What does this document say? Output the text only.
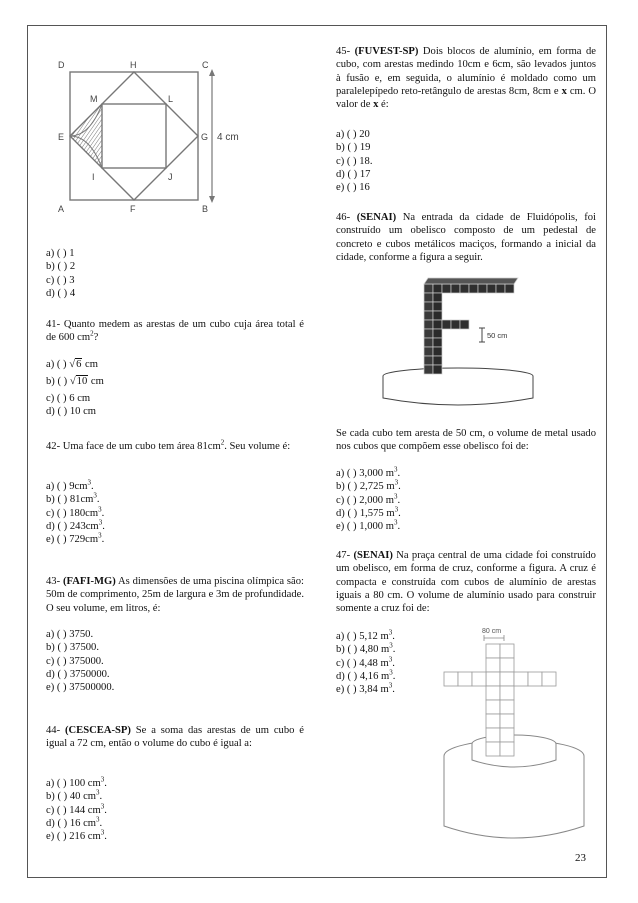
4 cm
D	H	C
M	L
E	G
I	J
A	F	B
a) ( ) 1
b) ( ) 2
c) ( ) 3
d) ( ) 4

41- Quanto medem as arestas de um cubo cuja área total é de 600 $cm^2$?

a) ( ) √6 cm
b) ( ) √10 cm
c) ( ) 6 cm
d) ( ) 10 cm

42- Uma face de um cubo tem área $81cm^2$. Seu volume é:

a) ( ) $9cm^3$.
b) ( ) $81cm^3$.
c) ( ) $180cm^3$.
d) ( ) $243cm^3$.
e) ( ) $729cm^3$.

43- (FAFI-MG) As dimensões de uma piscina olímpica são: 50m de comprimento, 25m de largura e 3m de profundidade. O seu volume, em litros, é:

a) ( ) 3750.
b) ( ) 37500.
c) ( ) 375000.
d) ( ) 3750000.
e) ( ) 37500000.

44- (CESCEA-SP) Se a soma das arestas de um cubo é igual a 72 cm, então o volume do cubo é igual a:

a) ( ) 100 $cm^3$.
b) ( ) 40 $cm^3$.
c) ( ) 144 $cm^3$.
d) ( ) 16 $cm^3$.
e) ( ) 216 $cm^3$.

45- (FUVEST-SP) Dois blocos de alumínio, em forma de cubo, com arestas medindo 10cm e 6cm, são levados juntos à fusão e, em seguida, o alumínio é moldado como um paralelepípedo reto-retângulo de arestas 8cm, 8cm e x cm. O valor de x é:

a) ( ) 20
b) ( ) 19
c) ( ) 18.
d) ( ) 17
e) ( ) 16

46- (SENAI) Na entrada da cidade de Fluidópolis, foi construído um obelisco composto de um pedestal de concreto e cubos metálicos maciços, formando a inicial da cidade, conforme a figura a seguir.

50 cm

Se cada cubo tem aresta de 50 cm, o volume de metal usado nos cubos que compõem esse obelisco foi de:

a) ( ) 3,000 $m^3$.
b) ( ) 2,725 $m^3$.
c) ( ) 2,000 $m^3$.
d) ( ) 1,575 $m^3$.
e) ( ) 1,000 $m^3$.

47- (SENAI) Na praça central de uma cidade foi construído um obelisco, em forma de cruz, conforme a figura. A cruz é compacta e construída com cubos de alumínio de arestas iguais a 80 cm. O volume de alumínio usado para construir somente a cruz foi de:

a) ( ) 5,12 $m^3$.
b) ( ) 4,80 $m^3$.
c) ( ) 4,48 $m^3$.
d) ( ) 4,16 $m^3$.
e) ( ) 3,84 $m^3$.
80 cm
23
